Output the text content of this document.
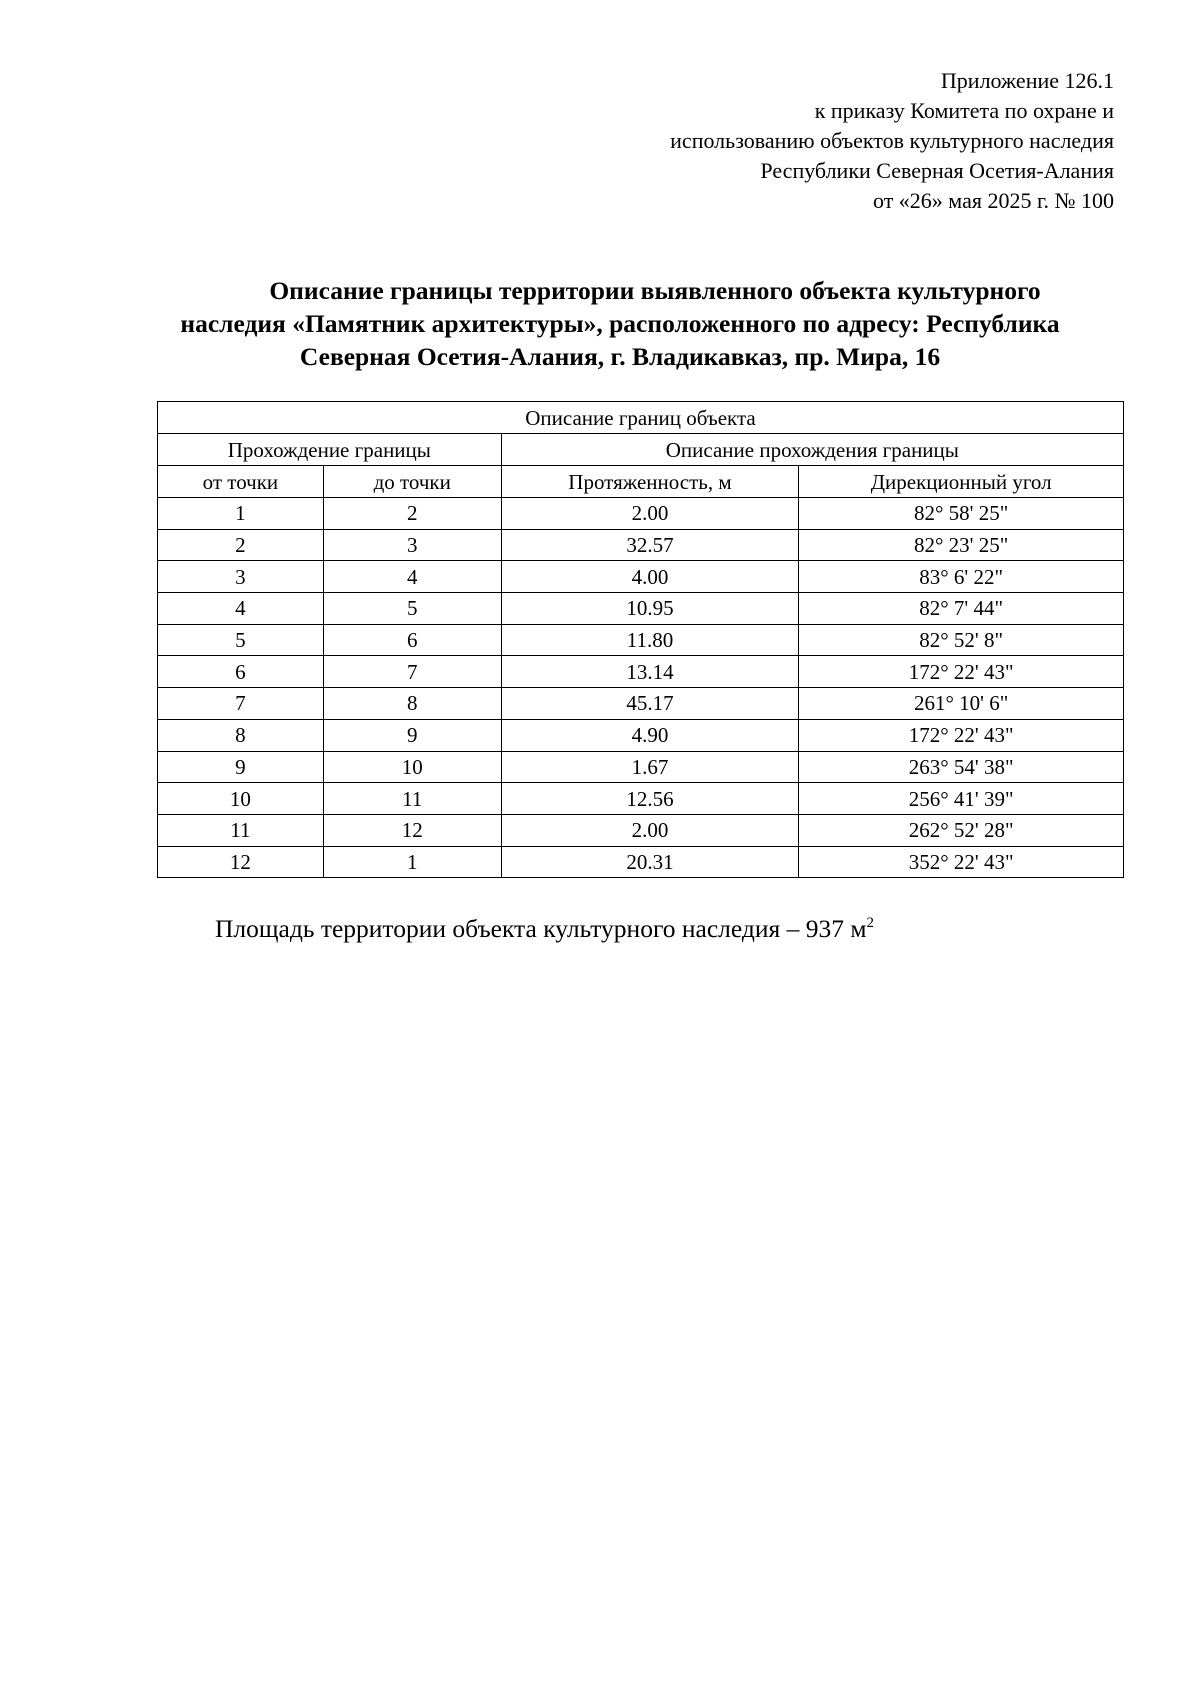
Приложение 126.1
к приказу Комитета по охране и
использованию объектов культурного наследия
Республики Северная Осетия-Алания
от «26» мая 2025 г. № 100
Описание границы территории выявленного объекта культурного
наследия «Памятник архитектуры», расположенного по адресу: Республика
Северная Осетия-Алания, г. Владикавказ, пр. Мира, 16
Описание границ объекта			
Прохождение границы		Описание прохождения границы	
от точки	до точки	Протяженность, м	Дирекционный угол
1	2	2.00	82° 58' 25"
2	3	32.57	82° 23' 25"
3	4	4.00	83° 6' 22"
4	5	10.95	82° 7' 44"
5	6	11.80	82° 52' 8"
6	7	13.14	172° 22' 43"
7	8	45.17	261° 10' 6"
8	9	4.90	172° 22' 43"
9	10	1.67	263° 54' 38"
10	11	12.56	256° 41' 39"
11	12	2.00	262° 52' 28"
12	1	20.31	352° 22' 43"
Площадь территории объекта культурного наследия – 937 $м^2$
